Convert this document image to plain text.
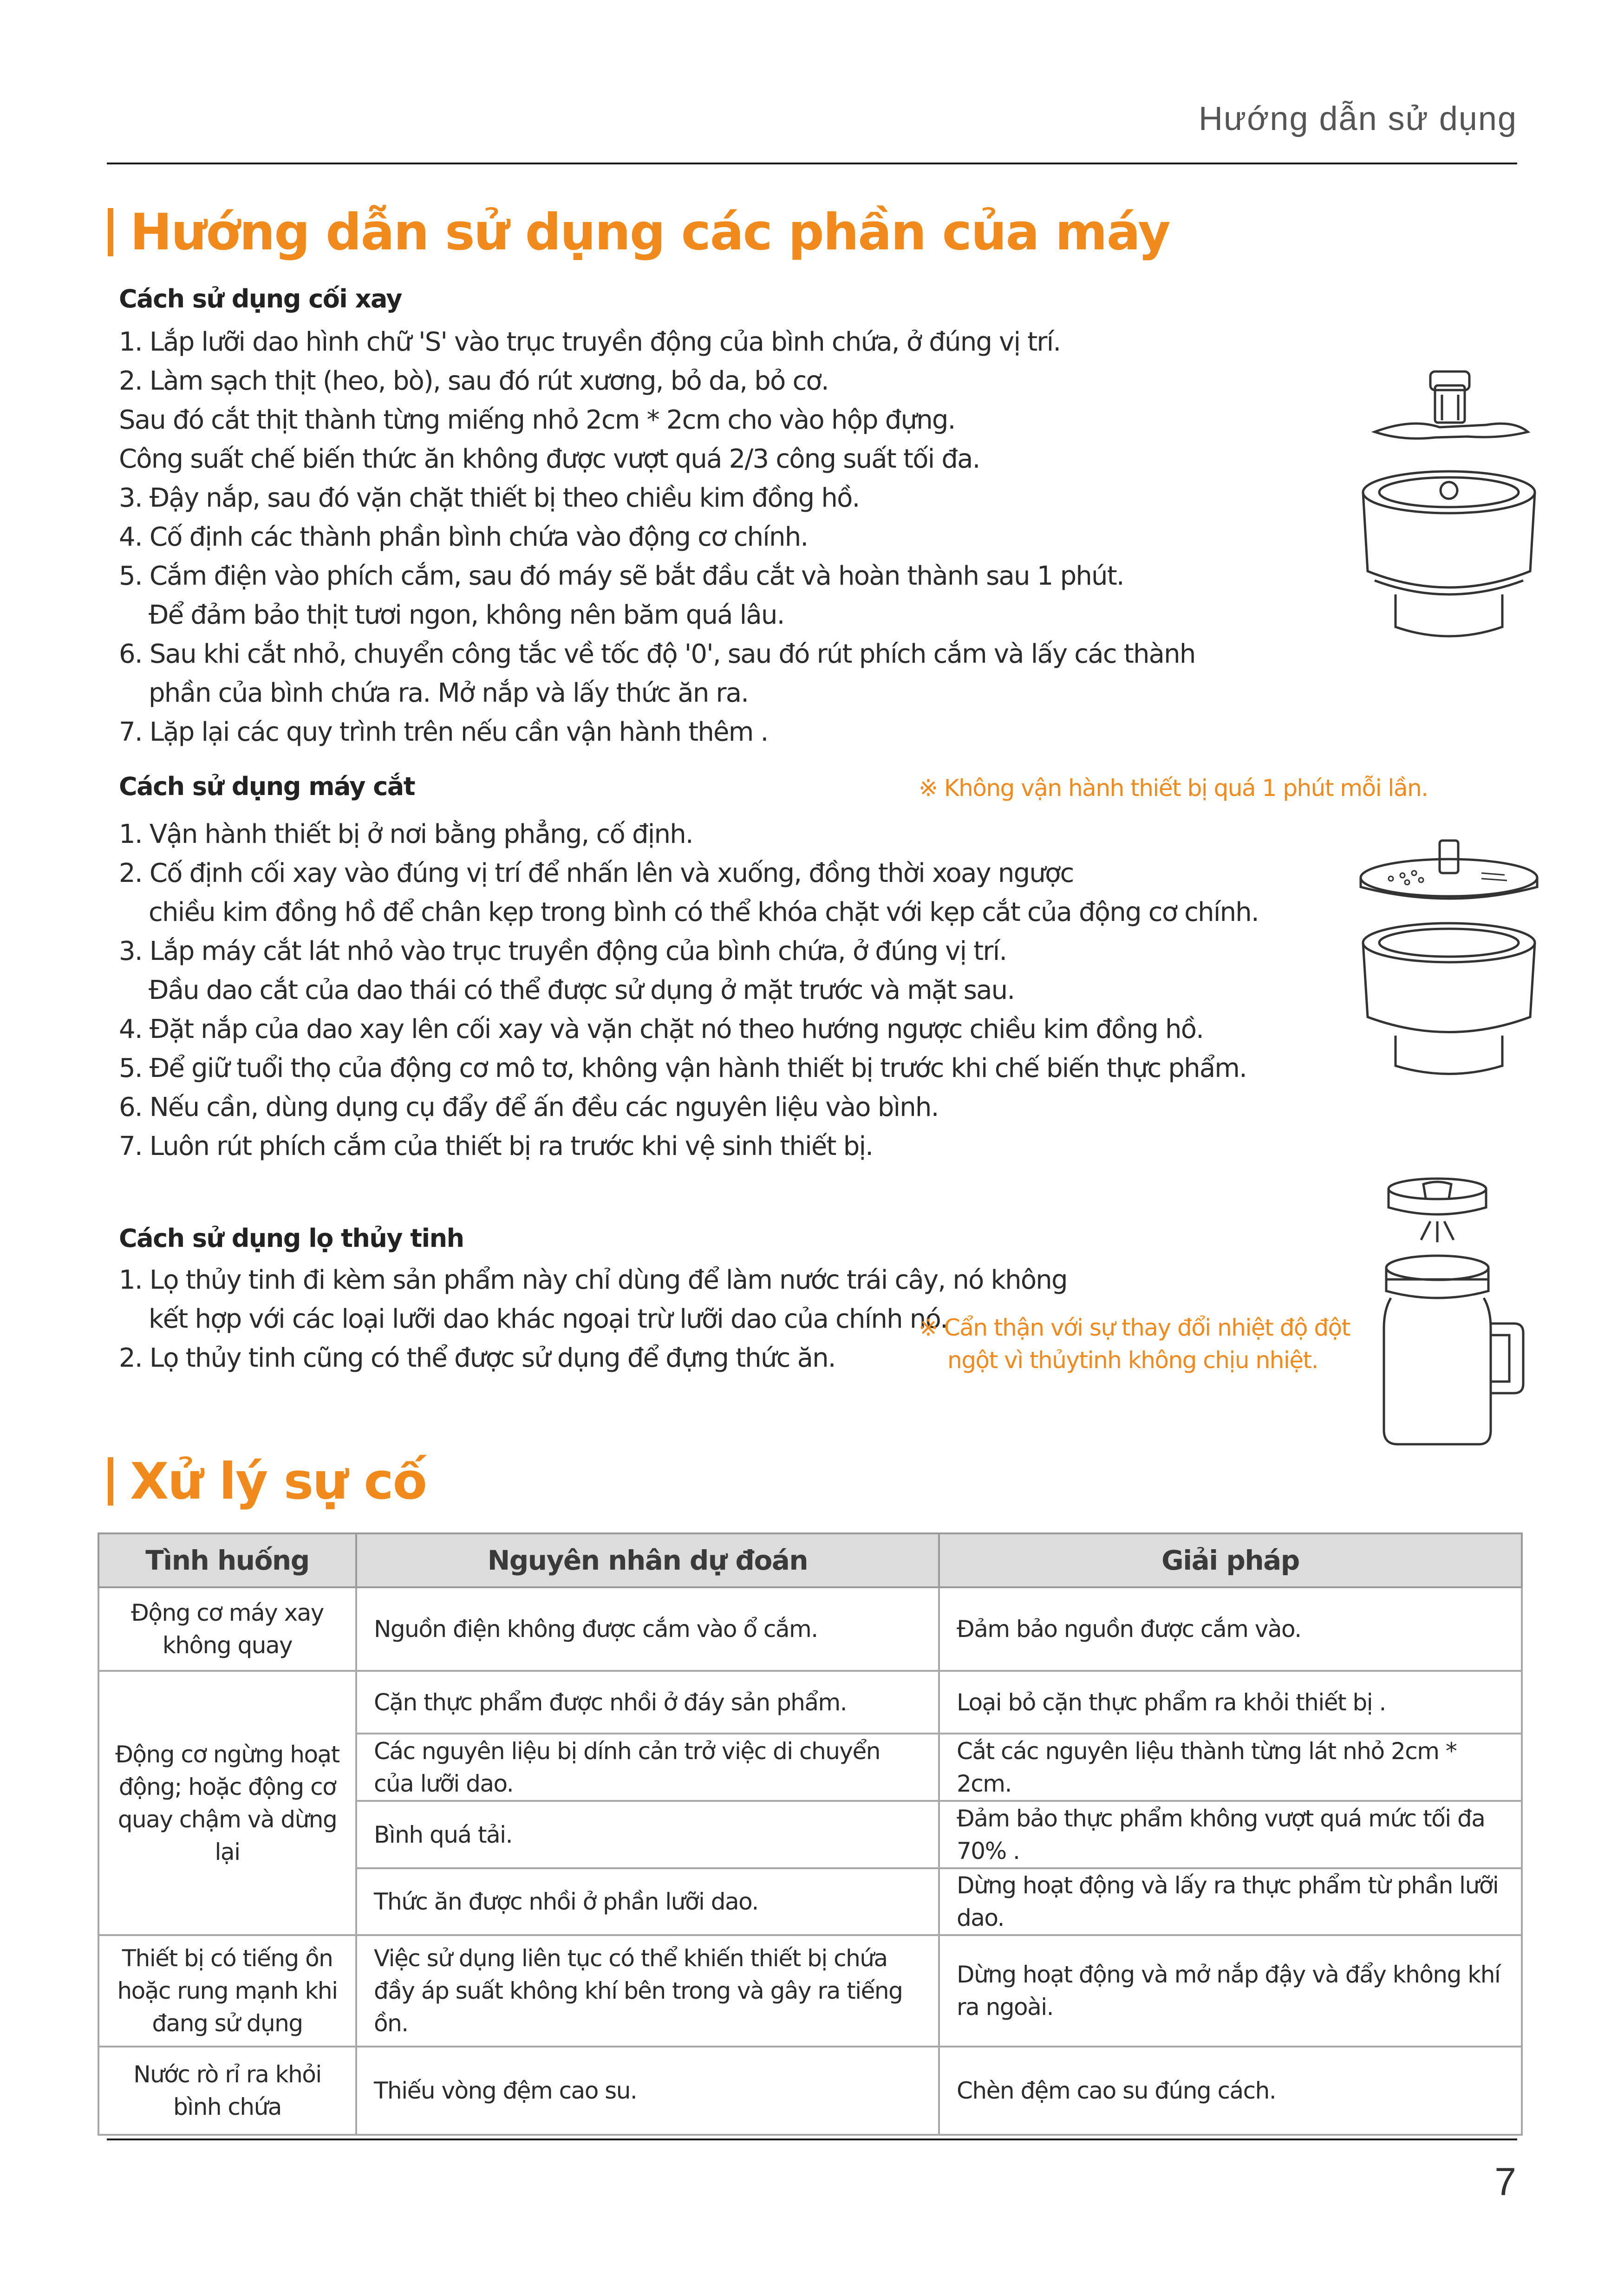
Hướng dẫn sử dụng
Hướng dẫn sử dụng các phần của máy
Cách sử dụng cối xay
1. Lắp lưỡi dao hình chữ 'S' vào trục truyền động của bình chứa, ở đúng vị trí.
2. Làm sạch thịt (heo, bò), sau đó rút xương, bỏ da, bỏ cơ.
Sau đó cắt thịt thành từng miếng nhỏ 2cm * 2cm cho vào hộp đựng.
Công suất chế biến thức ăn không được vượt quá 2/3 công suất tối đa.
3. Đậy nắp, sau đó vặn chặt thiết bị theo chiều kim đồng hồ.
4. Cố định các thành phần bình chứa vào động cơ chính.
5. Cắm điện vào phích cắm, sau đó máy sẽ bắt đầu cắt và hoàn thành sau 1 phút.
Để đảm bảo thịt tươi ngon, không nên băm quá lâu.
6. Sau khi cắt nhỏ, chuyển công tắc về tốc độ '0', sau đó rút phích cắm và lấy các thành
phần của bình chứa ra. Mở nắp và lấy thức ăn ra.
7. Lặp lại các quy trình trên nếu cần vận hành thêm .
Cách sử dụng máy cắt	※ Không vận hành thiết bị quá 1 phút mỗi lần.
1. Vận hành thiết bị ở nơi bằng phẳng, cố định.
2. Cố định cối xay vào đúng vị trí để nhấn lên và xuống, đồng thời xoay ngược
chiều kim đồng hồ để chân kẹp trong bình có thể khóa chặt với kẹp cắt của động cơ chính.
3. Lắp máy cắt lát nhỏ vào trục truyền động của bình chứa, ở đúng vị trí.
Đầu dao cắt của dao thái có thể được sử dụng ở mặt trước và mặt sau.
4. Đặt nắp của dao xay lên cối xay và vặn chặt nó theo hướng ngược chiều kim đồng hồ.
5. Để giữ tuổi thọ của động cơ mô tơ, không vận hành thiết bị trước khi chế biến thực phẩm.
6. Nếu cần, dùng dụng cụ đẩy để ấn đều các nguyên liệu vào bình.
7. Luôn rút phích cắm của thiết bị ra trước khi vệ sinh thiết bị.
Cách sử dụng lọ thủy tinh
1. Lọ thủy tinh đi kèm sản phẩm này chỉ dùng để làm nước trái cây, nó không
kết hợp với các loại lưỡi dao khác ngoại trừ lưỡi dao của chính nó.
2. Lọ thủy tinh cũng có thể được sử dụng để đựng thức ăn.
※ Cẩn thận với sự thay đổi nhiệt độ đột
ngột vì thủytinh không chịu nhiệt.
Xử lý sự cố
Tình huống	Nguyên nhân dự đoán	Giải pháp
Động cơ máy xay không quay	Nguồn điện không được cắm vào ổ cắm.	Đảm bảo nguồn được cắm vào.
Động cơ ngừng hoạt động; hoặc động cơ quay chậm và dừng lại	Cặn thực phẩm được nhồi ở đáy sản phẩm.	Loại bỏ cặn thực phẩm ra khỏi thiết bị .
	Các nguyên liệu bị dính cản trở việc di chuyển của lưỡi dao.	Cắt các nguyên liệu thành từng lát nhỏ 2cm * 2cm.
	Bình quá tải.	Đảm bảo thực phẩm không vượt quá mức tối đa 70% .
	Thức ăn được nhồi ở phần lưỡi dao.	Dừng hoạt động và lấy ra thực phẩm từ phần lưỡi dao.
Thiết bị có tiếng ồn hoặc rung mạnh khi đang sử dụng	Việc sử dụng liên tục có thể khiến thiết bị chứa đầy áp suất không khí bên trong và gây ra tiếng ồn.	Dừng hoạt động và mở nắp đậy và đẩy không khí ra ngoài.
Nước rò rỉ ra khỏi bình chứa	Thiếu vòng đệm cao su.	Chèn đệm cao su đúng cách.
7
